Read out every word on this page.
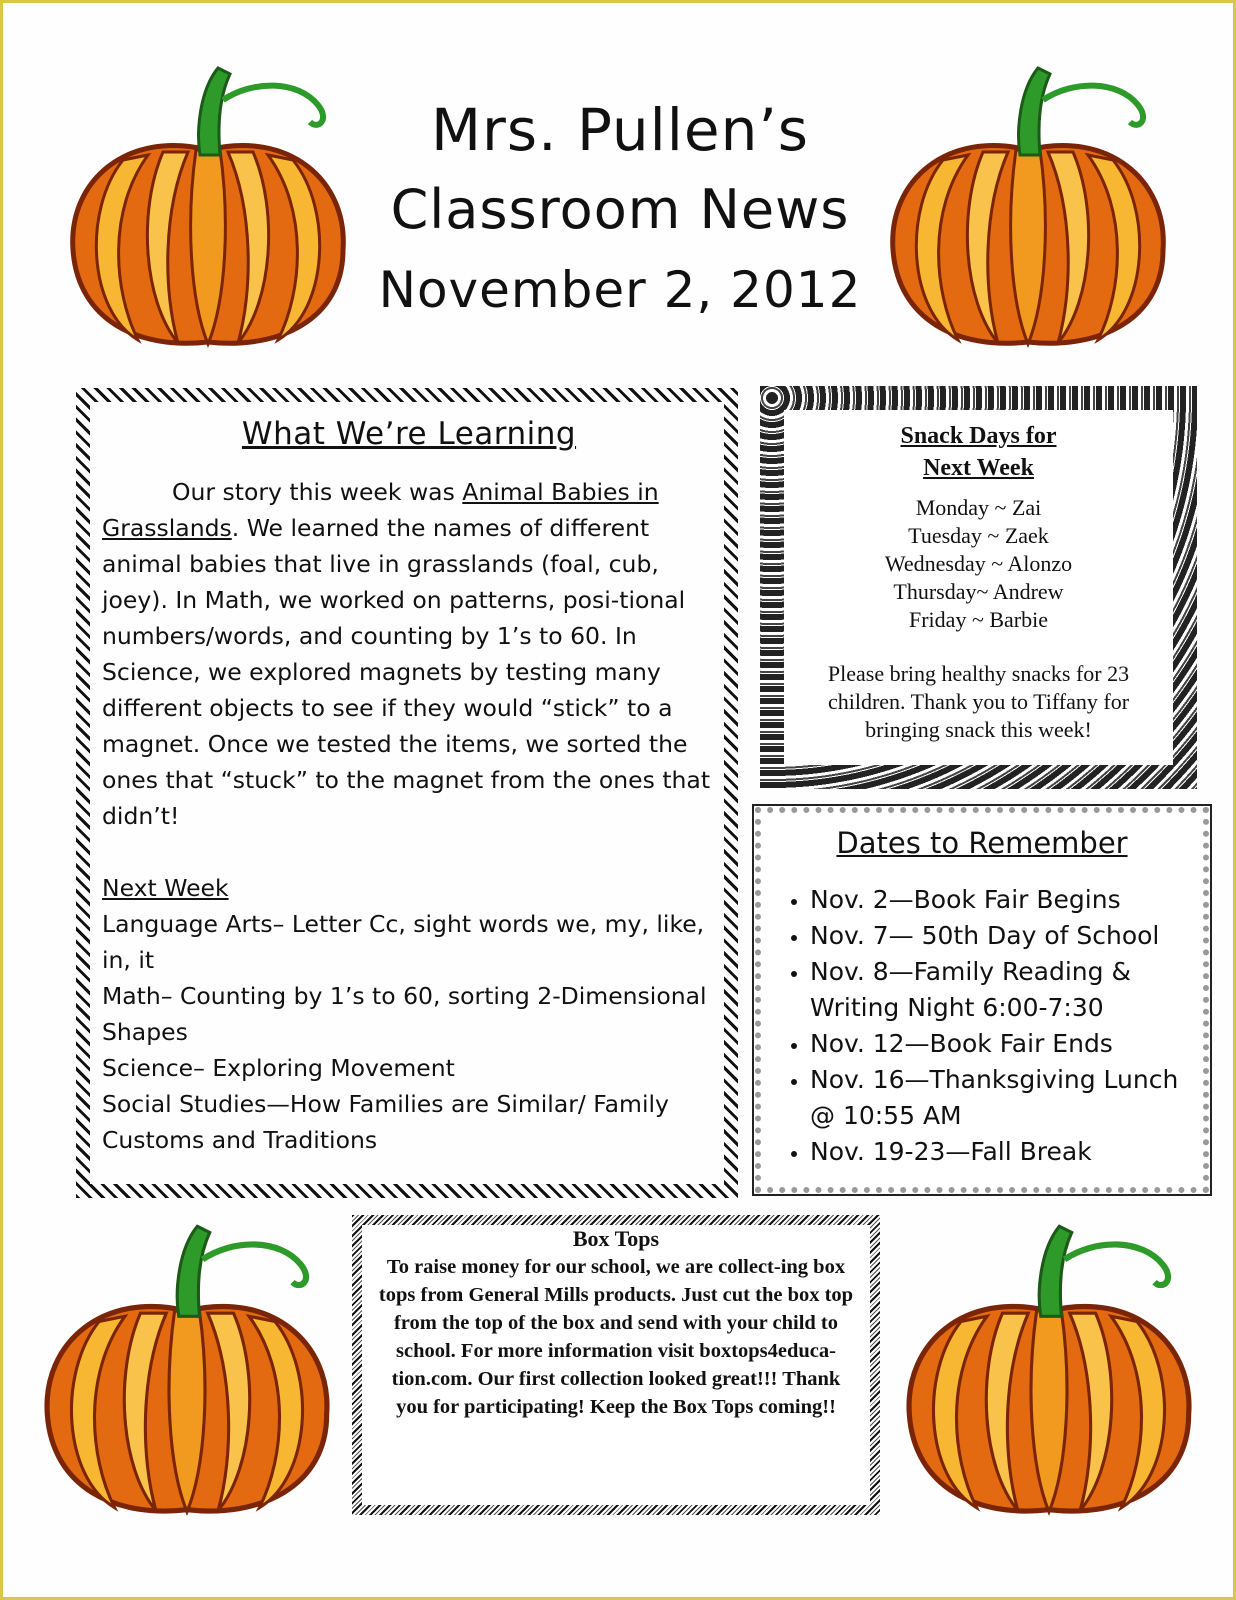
Mrs. Pullen’s
Classroom News
November 2, 2012
What We’re Learning

Our story this week was Animal Babies in Grasslands. We learned the names of different animal babies that live in grasslands (foal, cub, joey). In Math, we worked on patterns, posi-tional numbers/words, and counting by 1’s to 60. In Science, we explored magnets by testing many different objects to see if they would “stick” to a magnet. Once we tested the items, we sorted the ones that “stuck” to the magnet from the ones that didn’t!

Next Week
Language Arts– Letter Cc, sight words we, my, like, in, it
Math– Counting by 1’s to 60, sorting 2-Dimensional Shapes
Science– Exploring Movement
Social Studies—How Families are Similar/ Family Customs and Traditions
Snack Days for
Next Week
Monday ~ Zai
Tuesday ~ Zaek
Wednesday ~ Alonzo
Thursday~ Andrew
Friday ~ Barbie
Please bring healthy snacks for 23 children. Thank you to Tiffany for bringing snack this week!
Dates to Remember
• Nov. 2—Book Fair Begins
• Nov. 7— 50th Day of School
• Nov. 8—Family Reading & Writing Night 6:00-7:30
• Nov. 12—Book Fair Ends
• Nov. 16—Thanksgiving Lunch @ 10:55 AM
• Nov. 19-23—Fall Break
Box Tops
To raise money for our school, we are collect-ing box tops from General Mills products. Just cut the box top from the top of the box and send with your child to school. For more information visit boxtops4educa-tion.com. Our first collection looked great!!! Thank you for participating! Keep the Box Tops coming!!
